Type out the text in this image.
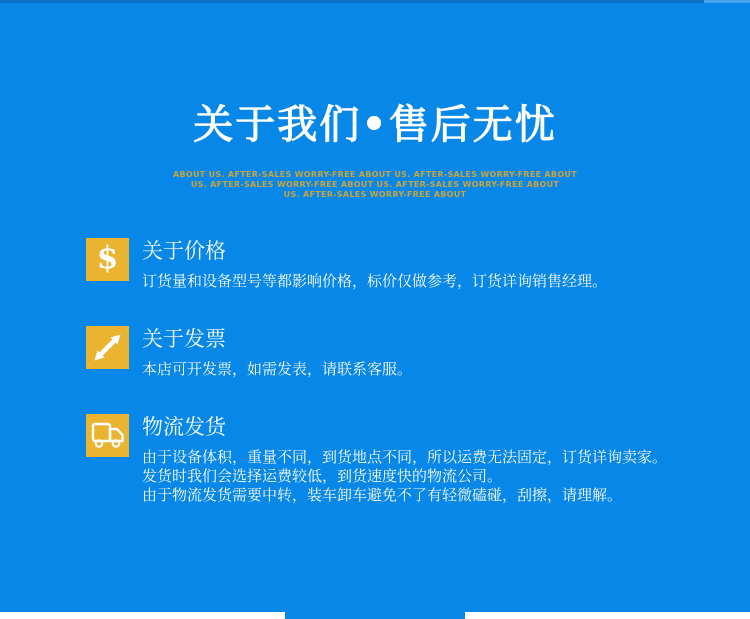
关于我们•售后无忧
ABOUT US. AFTER-SALES WORRY-FREE ABOUT US. AFTER-SALES WORRY-FREE ABOUT
US. AFTER-SALES WORRY-FREE ABOUT US. AFTER-SALES WORRY-FREE ABOUT
US. AFTER-SALES WORRY-FREE ABOUT
$ 关于价格
订货量和设备型号等都影响价格，标价仅做参考，订货详询销售经理。
关于发票
本店可开发票，如需发表，请联系客服。
物流发货
由于设备体积，重量不同，到货地点不同，所以运费无法固定，订货详询卖家。
发货时我们会选择运费较低，到货速度快的物流公司。
由于物流发货需要中转，装车卸车避免不了有轻微磕碰，刮擦，请理解。
